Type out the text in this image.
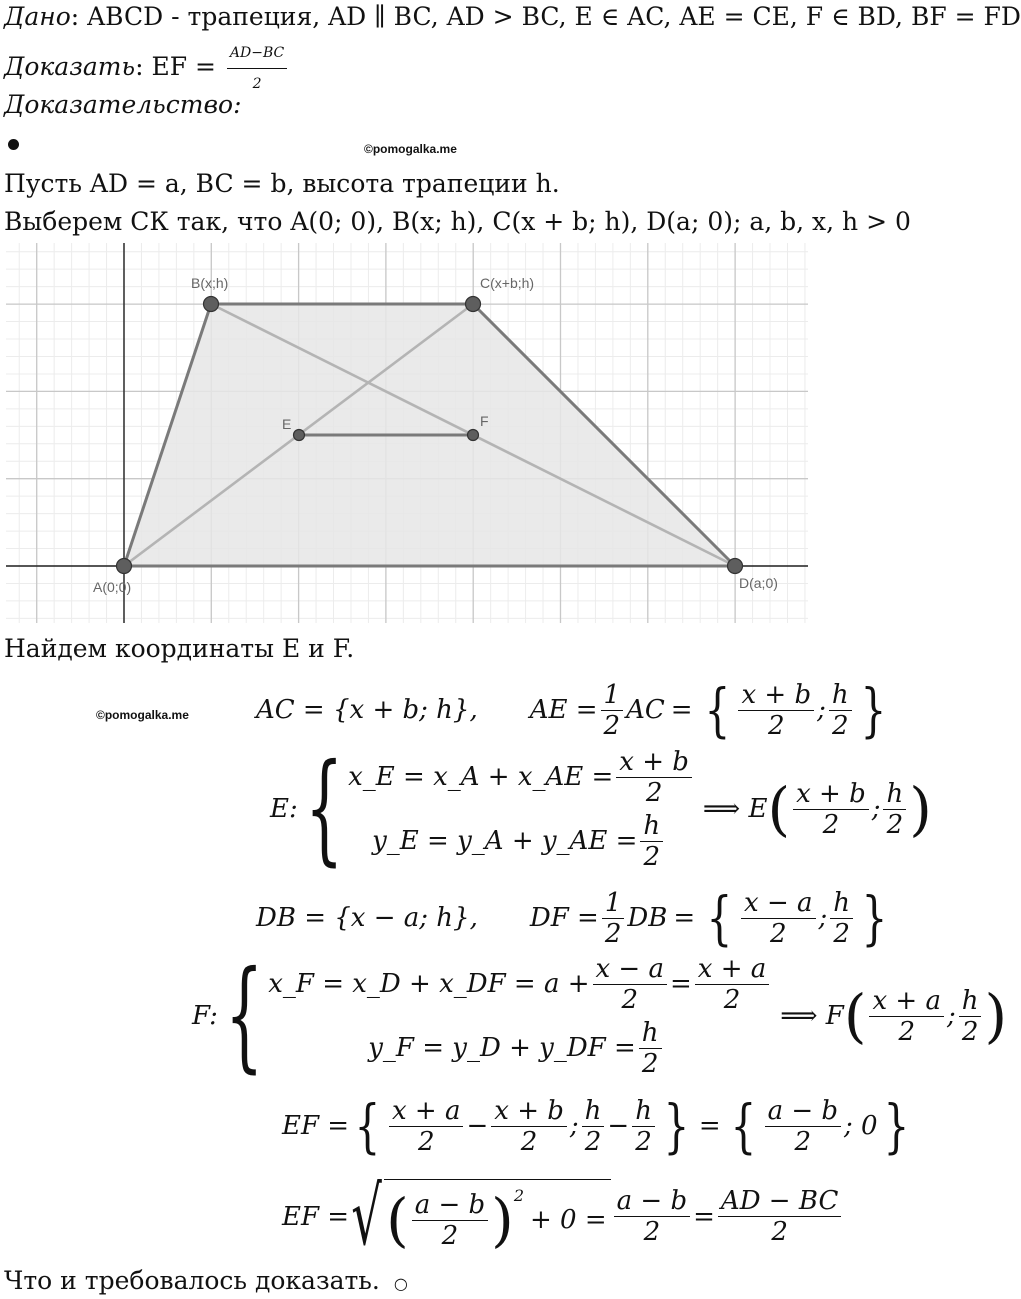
Дано: ABCD - трапеция, AD ∥ BC, AD > BC, E ∈ AC, AE = CE, F ∈ BD, BF = FD
Доказать: EF = $\frac{AD-BC}{2}$
Доказательство:
©pomogalka.me
Пусть AD = a, BC = b, высота трапеции h.
Выберем СК так, что A(0; 0), B(x; h), C(x + b; h), D(a; 0); a, b, x, h > 0
A(0;0)
B(x;h)	C(x+b;h)
D(a;0)
E	F
Найдем координаты E и F.
©pomogalka.me	AC = {x + b; h}, AE = $\frac{1}{2}$ AC = { $\frac{x + b}{2}$ ; $\frac{h}{2}$ }
E: { x_E = x_A + x_AE = $\frac{x + b}{2}$
y_E = y_A + y_AE = $\frac{h}{2}$
⟹ E ( $\frac{x + b}{2}$ ; $\frac{h}{2}$ )
DB = {x − a; h}, DF = $\frac{1}{2}$ DB = { $\frac{x - a}{2}$ ; $\frac{h}{2}$ }
F: { x_F = x_D + x_DF = $a + \frac{x - a}{2} = \frac{x + a}{2}$
y_F = y_D + y_DF = $\frac{h}{2}$
⟹ F ( $\frac{x + a}{2}$ ; $\frac{h}{2}$ )
EF = { $\frac{x + a}{2} - \frac{x + b}{2}$ ; $\frac{h}{2} - \frac{h}{2}$ } = { $\frac{a - b}{2}$ ; 0 }
EF = √ ( $\frac{a - b}{2} )^2$
+ $0 = \frac{a - b}{2} = \frac{AD - BC}{2}$
Что и требовалось доказать. ○
